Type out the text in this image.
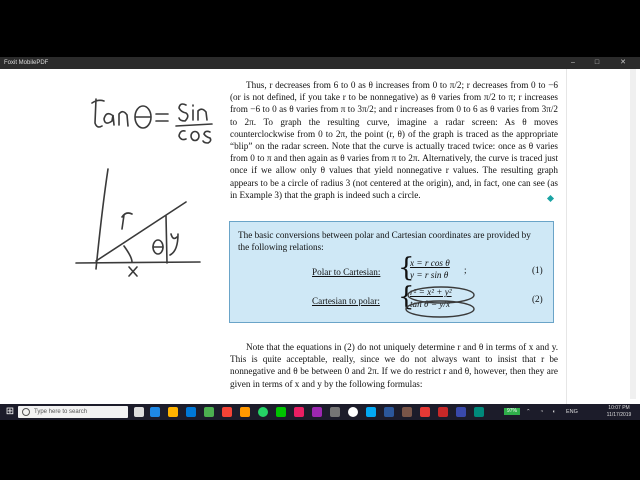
Foxit MobilePDF	–	□	✕
Thus, r decreases from 6 to 0 as θ increases from 0 to π/2; r decreases from 0 to −6 (or is not defined, if you take r to be nonnegative) as θ varies from π/2 to π; r increases from −6 to 0 as θ varies from π to 3π/2; and r increases from 0 to 6 as θ varies from 3π/2 to 2π. To graph the resulting curve, imagine a radar screen: As θ moves counterclockwise from 0 to 2π, the point (r, θ) of the graph is traced as the appropriate “blip” on the radar screen. Note that the curve is actually traced twice: once as θ varies from 0 to π and then again as θ varies from π to 2π. Alternatively, the curve is traced just once if we allow only θ values that yield nonnegative r values. The resulting graph appears to be a circle of radius 3 (not centered at the origin), and, in fact, one can see (as in Example 3) that the graph is indeed such a circle.
The basic conversions between polar and Cartesian coordinates are provided by the following relations:
Polar to Cartesian: {
x = r cos θ
y = r sin θ ;	(1)
Cartesian to polar: {
r² = x² + y²
tan θ = y/x	(2)
Note that the equations in (2) do not uniquely determine r and θ in terms of x and y. This is quite acceptable, really, since we do not always want to insist that r be nonnegative and θ be between 0 and 2π. If we do restrict r and θ, however, then they are given in terms of x and y by the following formulas:
⊞	Type here to search	97%	⌃ ◔ ◖ ENG
10:07 PM
11/17/2019
